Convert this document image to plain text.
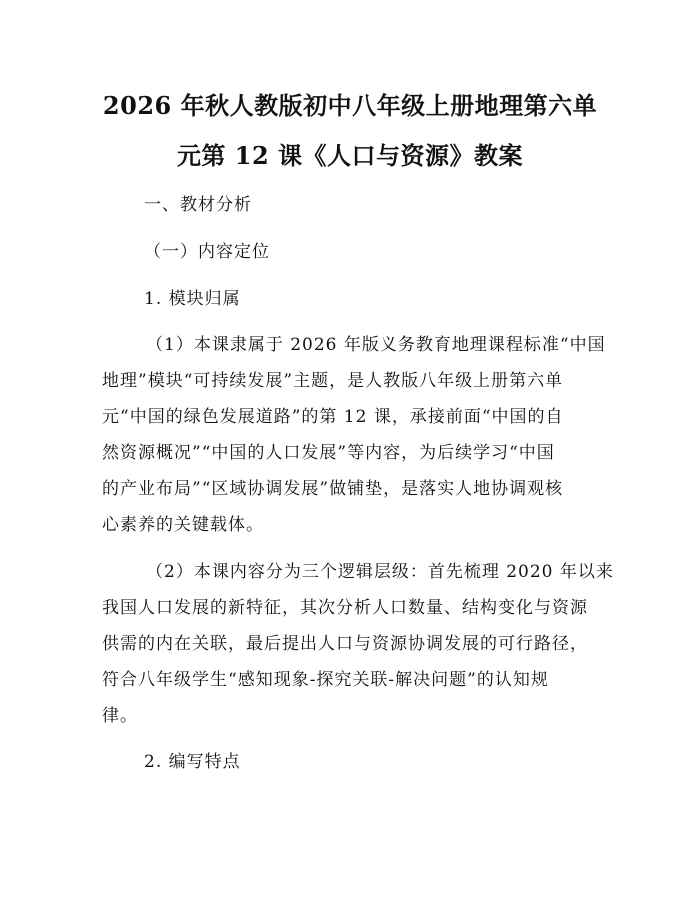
2026 年秋人教版初中八年级上册地理第六单
元第 12 课《人口与资源》教案
一、教材分析
（一）内容定位
1. 模块归属
（1）本课隶属于 2026 年版义务教育地理课程标准“中国
地理”模块“可持续发展”主题，是人教版八年级上册第六单
元“中国的绿色发展道路”的第 12 课，承接前面“中国的自
然资源概况”“中国的人口发展”等内容，为后续学习“中国
的产业布局”“区域协调发展”做铺垫，是落实人地协调观核
心素养的关键载体。
（2）本课内容分为三个逻辑层级：首先梳理 2020 年以来
我国人口发展的新特征，其次分析人口数量、结构变化与资源
供需的内在关联，最后提出人口与资源协调发展的可行路径，
符合八年级学生“感知现象-探究关联-解决问题”的认知规
律。
2. 编写特点
